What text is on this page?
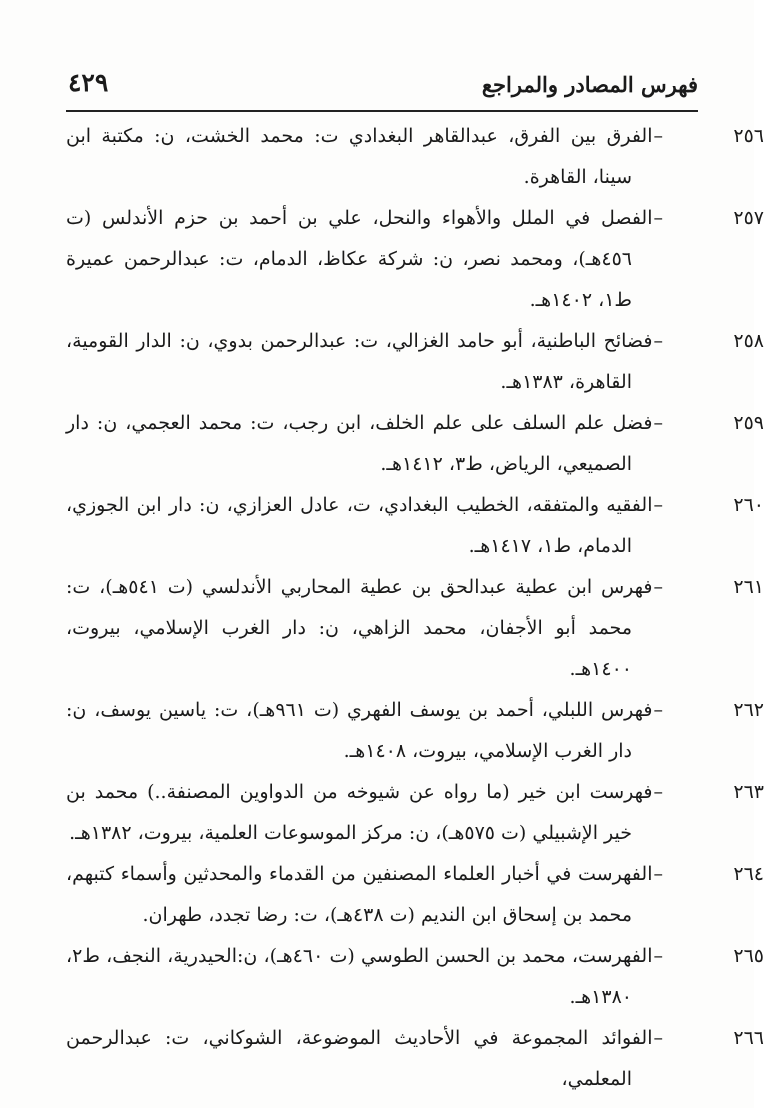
فهرس المصادر والمراجع
٤٢٩
٢٥٦–الفرق بين الفرق، عبدالقاهر البغدادي ت: محمد الخشت، ن: مكتبة ابن سينا، القاهرة.
٢٥٧–الفصل في الملل والأهواء والنحل، علي بن أحمد بن حزم الأندلس (ت ٤٥٦هـ)، ومحمد نصر، ن: شركة عكاظ، الدمام، ت: عبدالرحمن عميرة ط١، ١٤٠٢هـ.
٢٥٨–فضائح الباطنية، أبو حامد الغزالي، ت: عبدالرحمن بدوي، ن: الدار القومية، القاهرة، ١٣٨٣هـ.
٢٥٩–فضل علم السلف على علم الخلف، ابن رجب، ت: محمد العجمي، ن: دار الصميعي، الرياض، ط٣، ١٤١٢هـ.
٢٦٠–الفقيه والمتفقه، الخطيب البغدادي، ت، عادل العزازي، ن: دار ابن الجوزي، الدمام، ط١، ١٤١٧هـ.
٢٦١–فهرس ابن عطية عبدالحق بن عطية المحاربي الأندلسي (ت ٥٤١هـ)، ت: محمد أبو الأجفان، محمد الزاهي، ن: دار الغرب الإسلامي، بيروت، ١٤٠٠هـ.
٢٦٢–فهرس اللبلي، أحمد بن يوسف الفهري (ت ٩٦١هـ)، ت: ياسين يوسف، ن: دار الغرب الإسلامي، بيروت، ١٤٠٨هـ.
٢٦٣–فهرست ابن خير (ما رواه عن شيوخه من الدواوين المصنفة..) محمد بن خير الإشبيلي (ت ٥٧٥هـ)، ن: مركز الموسوعات العلمية، بيروت، ١٣٨٢هـ.
٢٦٤–الفهرست في أخبار العلماء المصنفين من القدماء والمحدثين وأسماء كتبهم، محمد بن إسحاق ابن النديم (ت ٤٣٨هـ)، ت: رضا تجدد، طهران.
٢٦٥–الفهرست، محمد بن الحسن الطوسي (ت ٤٦٠هـ)، ن:الحيدرية، النجف، ط٢، ١٣٨٠هـ.
٢٦٦–الفوائد المجموعة في الأحاديث الموضوعة، الشوكاني، ت: عبدالرحمن المعلمي،
